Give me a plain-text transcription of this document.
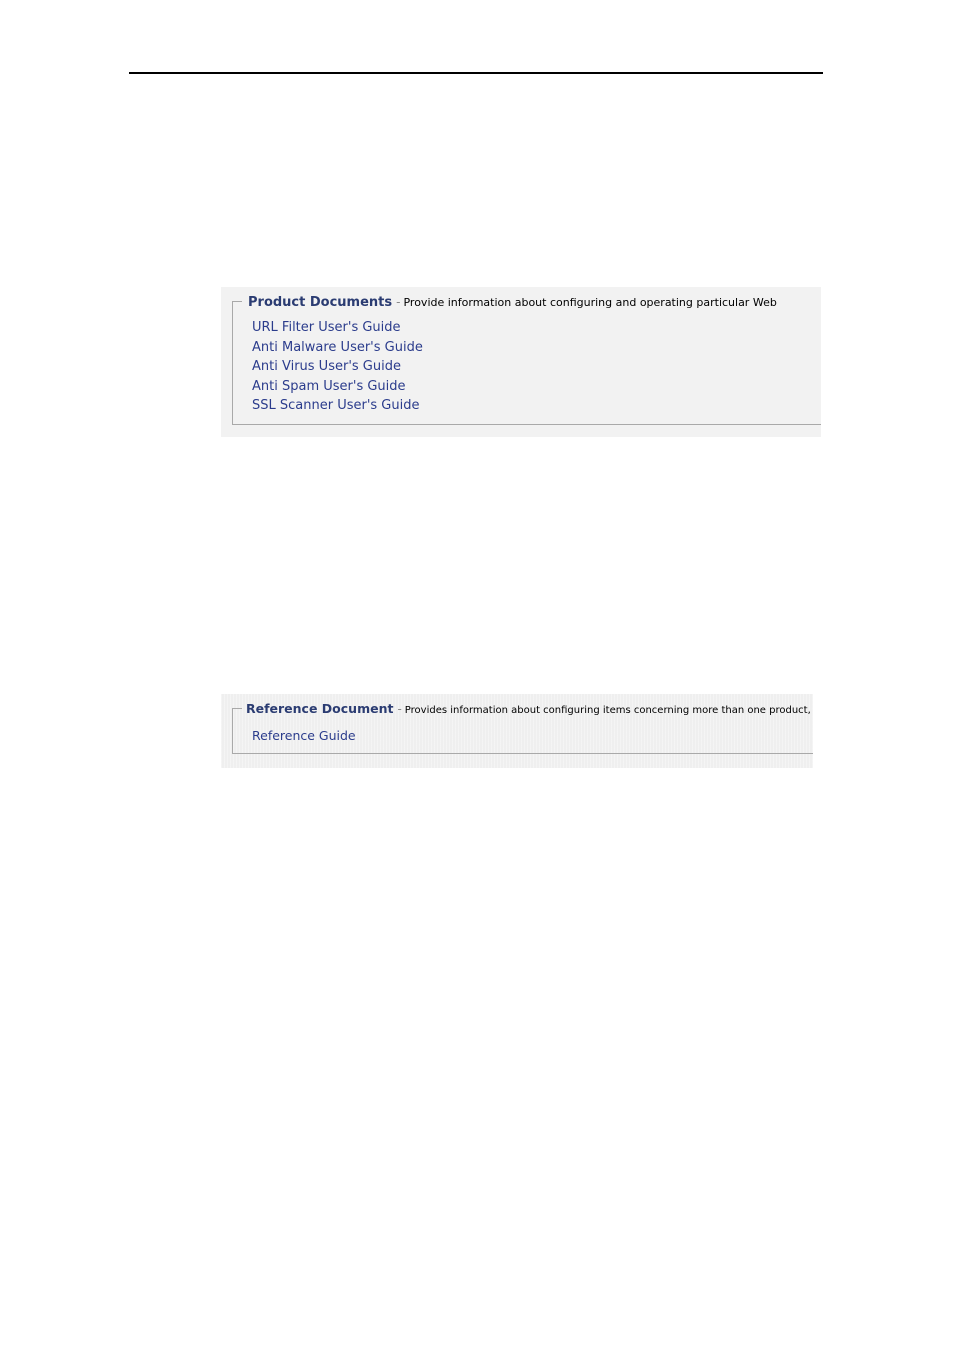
Product Documents - Provide information about configuring and operating particular Web
URL Filter User's Guide
Anti Malware User's Guide
Anti Virus User's Guide
Anti Spam User's Guide
SSL Scanner User's Guide
Reference Document - Provides information about configuring items concerning more than one product,
Reference Guide
